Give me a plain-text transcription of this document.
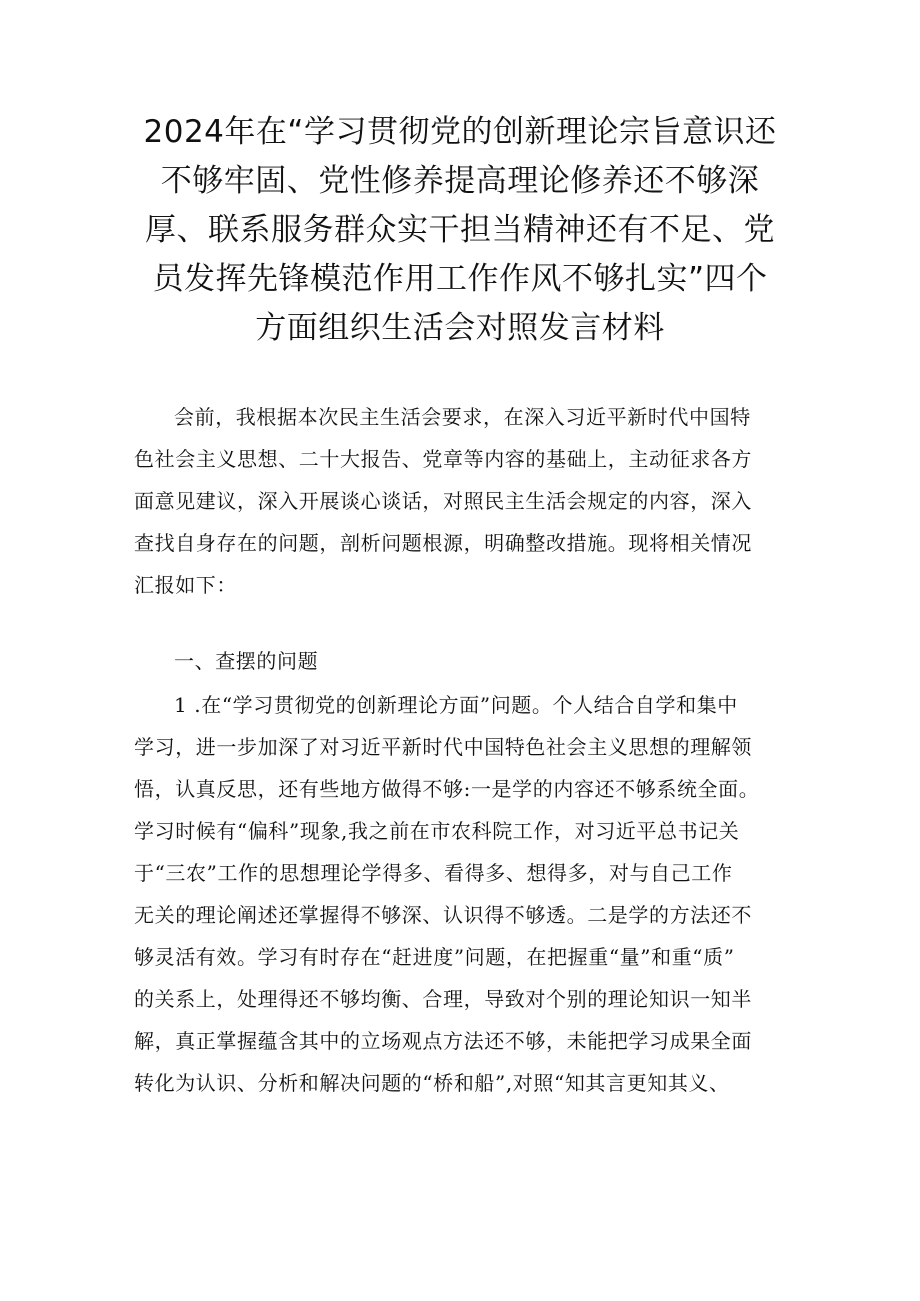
2024年在“学习贯彻党的创新理论宗旨意识还
不够牢固、党性修养提高理论修养还不够深
厚、联系服务群众实干担当精神还有不足、党
员发挥先锋模范作用工作作风不够扎实”四个
方面组织生活会对照发言材料
会前，我根据本次民主生活会要求，在深入习近平新时代中国特
色社会主义思想、二十大报告、党章等内容的基础上，主动征求各方
面意见建议，深入开展谈心谈话，对照民主生活会规定的内容，深入
查找自身存在的问题，剖析问题根源，明确整改措施。现将相关情况
汇报如下：
一、查摆的问题
1 .在“学习贯彻党的创新理论方面”问题。个人结合自学和集中
学习，进一步加深了对习近平新时代中国特色社会主义思想的理解领
悟，认真反思，还有些地方做得不够:一是学的内容还不够系统全面。
学习时候有“偏科”现象,我之前在市农科院工作，对习近平总书记关
于“三农”工作的思想理论学得多、看得多、想得多，对与自己工作
无关的理论阐述还掌握得不够深、认识得不够透。二是学的方法还不
够灵活有效。学习有时存在“赶进度”问题，在把握重“量”和重“质”
的关系上，处理得还不够均衡、合理，导致对个别的理论知识一知半
解，真正掌握蕴含其中的立场观点方法还不够，未能把学习成果全面
转化为认识、分析和解决问题的“桥和船”,对照“知其言更知其义、
